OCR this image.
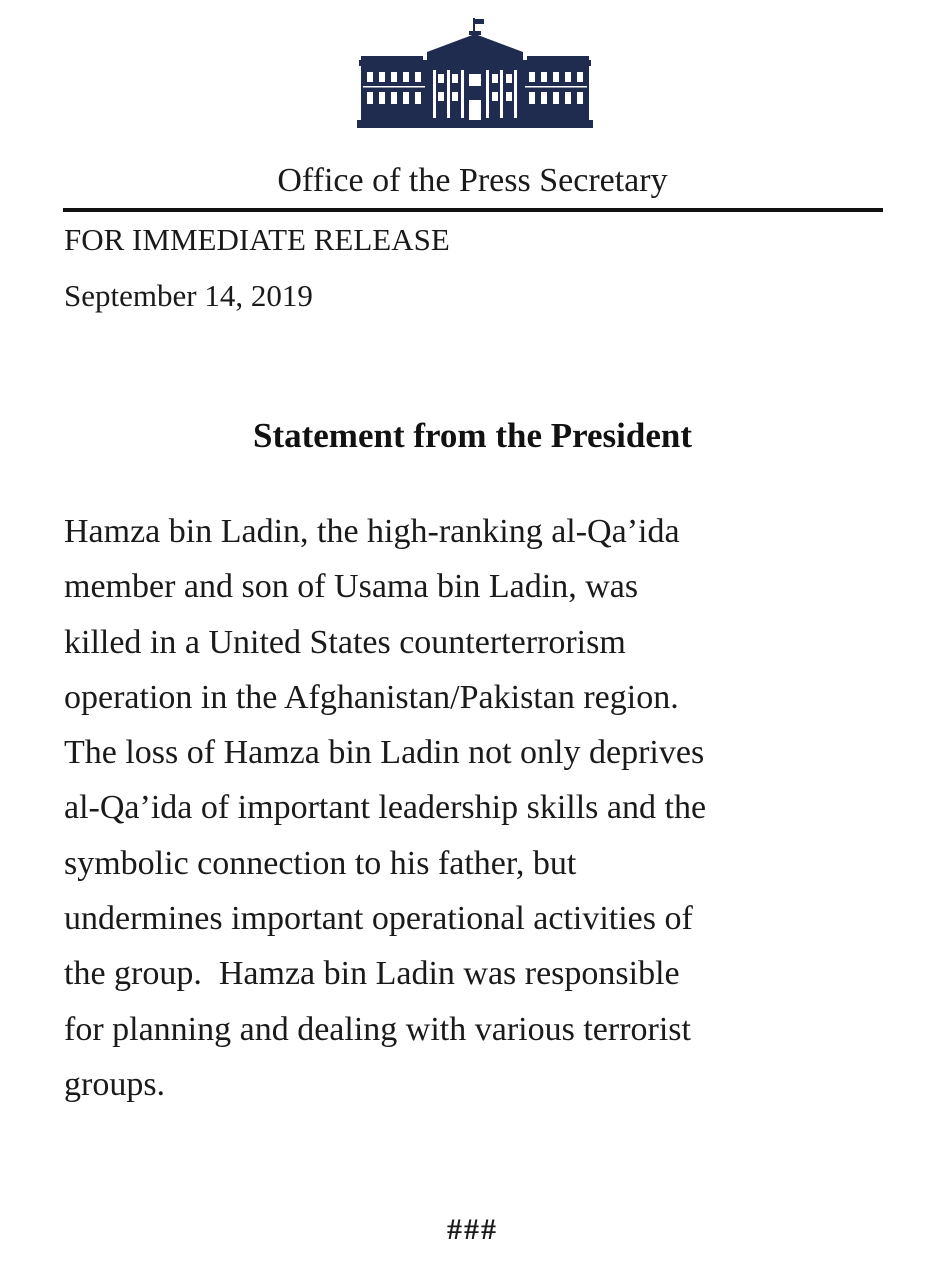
Office of the Press Secretary
FOR IMMEDIATE RELEASE
September 14, 2019
Statement from the President
Hamza bin Ladin, the high-ranking al-Qa’ida
member and son of Usama bin Ladin, was
killed in a United States counterterrorism
operation in the Afghanistan/Pakistan region.
The loss of Hamza bin Ladin not only deprives
al-Qa’ida of important leadership skills and the
symbolic connection to his father, but
undermines important operational activities of
the group.  Hamza bin Ladin was responsible
for planning and dealing with various terrorist
groups.
###
